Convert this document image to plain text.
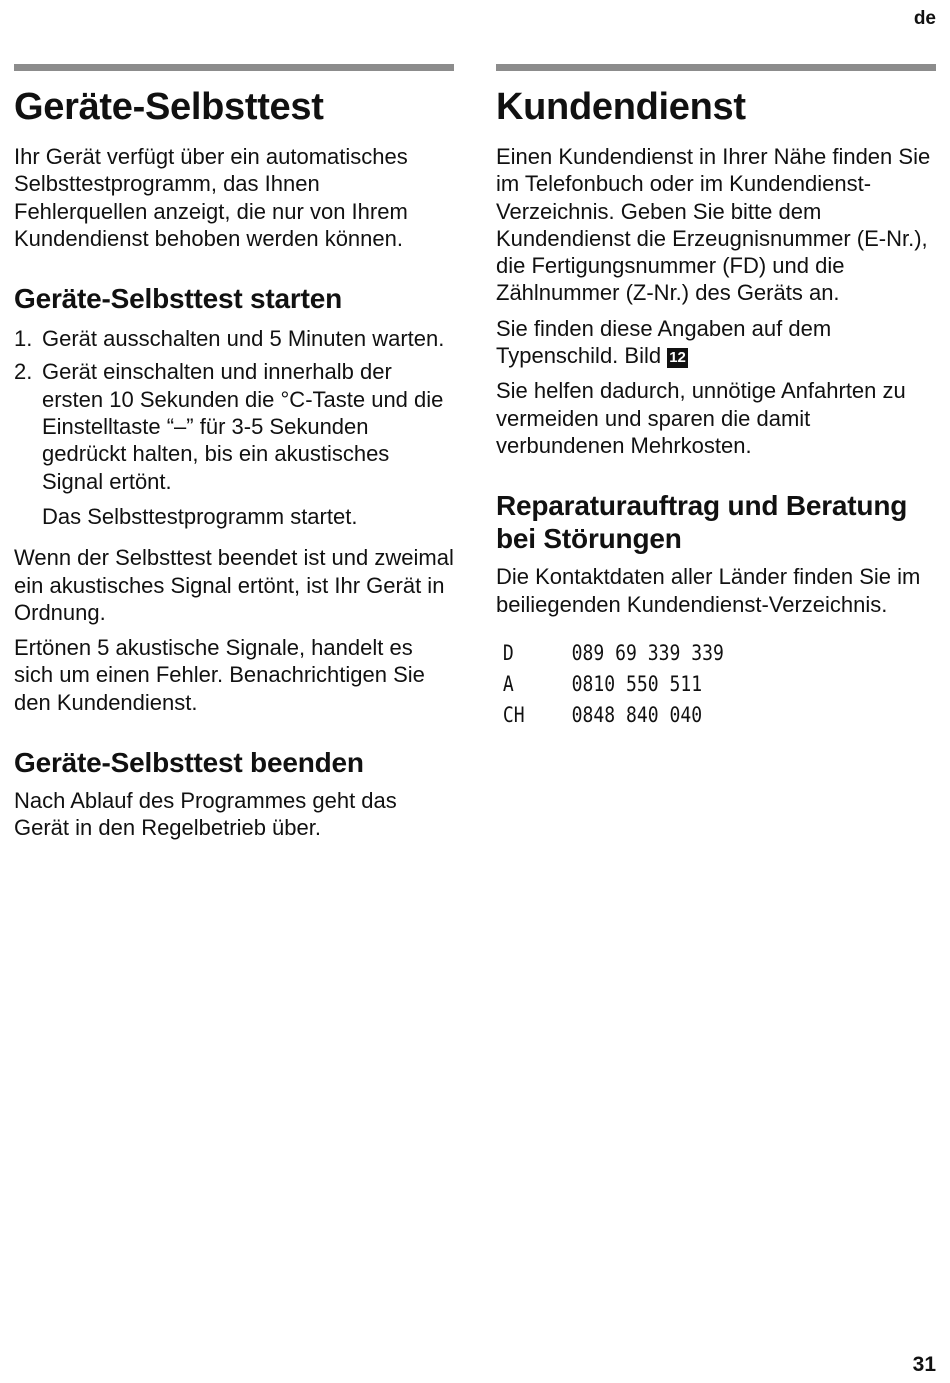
de
Geräte-Selbsttest

Ihr Gerät verfügt über ein automatisches Selbsttestprogramm, das Ihnen Fehlerquellen anzeigt, die nur von Ihrem Kundendienst behoben werden können.

Geräte-Selbsttest starten
1. Gerät ausschalten und 5 Minuten warten.
2. Gerät einschalten und innerhalb der ersten 10 Sekunden die °C-Taste und die Einstelltaste “–” für 3-5 Sekunden gedrückt halten, bis ein akustisches Signal ertönt.

Das Selbsttestprogramm startet.

Wenn der Selbsttest beendet ist und zweimal ein akustisches Signal ertönt, ist Ihr Gerät in Ordnung.

Ertönen 5 akustische Signale, handelt es sich um einen Fehler. Benachrichtigen Sie den Kundendienst.

Geräte-Selbsttest beenden

Nach Ablauf des Programmes geht das Gerät in den Regelbetrieb über.

Kundendienst

Einen Kundendienst in Ihrer Nähe finden Sie im Telefonbuch oder im Kundendienst-Verzeichnis. Geben Sie bitte dem Kundendienst die Erzeugnisnummer (E-Nr.), die Fertigungsnummer (FD) und die Zählnummer (Z-Nr.) des Geräts an.

Sie finden diese Angaben auf dem Typenschild. Bild 12

Sie helfen dadurch, unnötige Anfahrten zu vermeiden und sparen die damit verbundenen Mehrkosten.

Reparaturauftrag und Beratung bei Störungen

Die Kontaktdaten aller Länder finden Sie im beiliegenden Kundendienst-Verzeichnis.

D	089 69 339 339
A	0810 550 511
CH	0848 840 040
31
